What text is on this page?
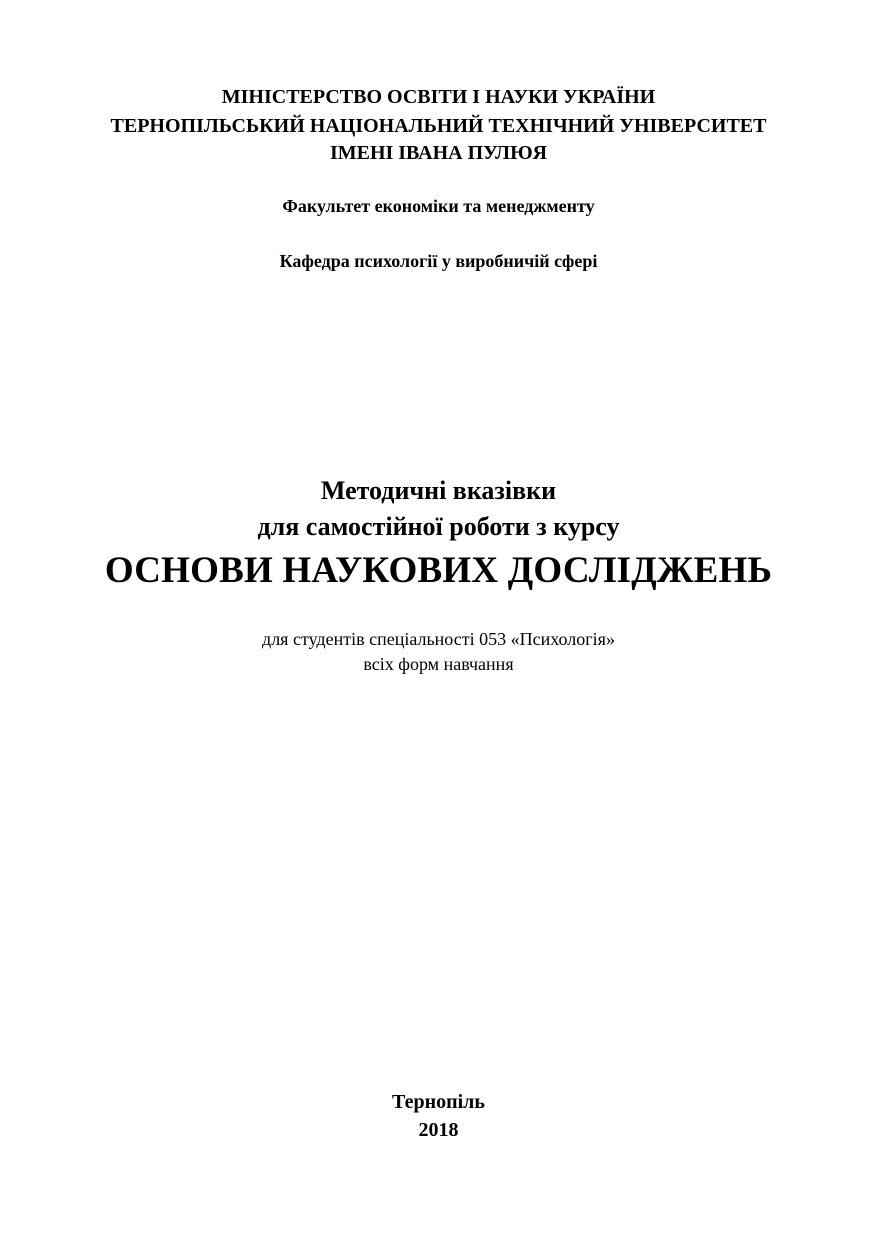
МІНІСТЕРСТВО ОСВІТИ І НАУКИ УКРАЇНИ
ТЕРНОПІЛЬСЬКИЙ НАЦІОНАЛЬНИЙ ТЕХНІЧНИЙ УНІВЕРСИТЕТ
ІМЕНІ ІВАНА ПУЛЮЯ
Факультет економіки та менеджменту
Кафедра психології у виробничій сфері
Методичні вказівки
для самостійної роботи з курсу
ОСНОВИ НАУКОВИХ ДОСЛІДЖЕНЬ
для студентів спеціальності 053 «Психологія»
всіх форм навчання
Тернопіль
2018
